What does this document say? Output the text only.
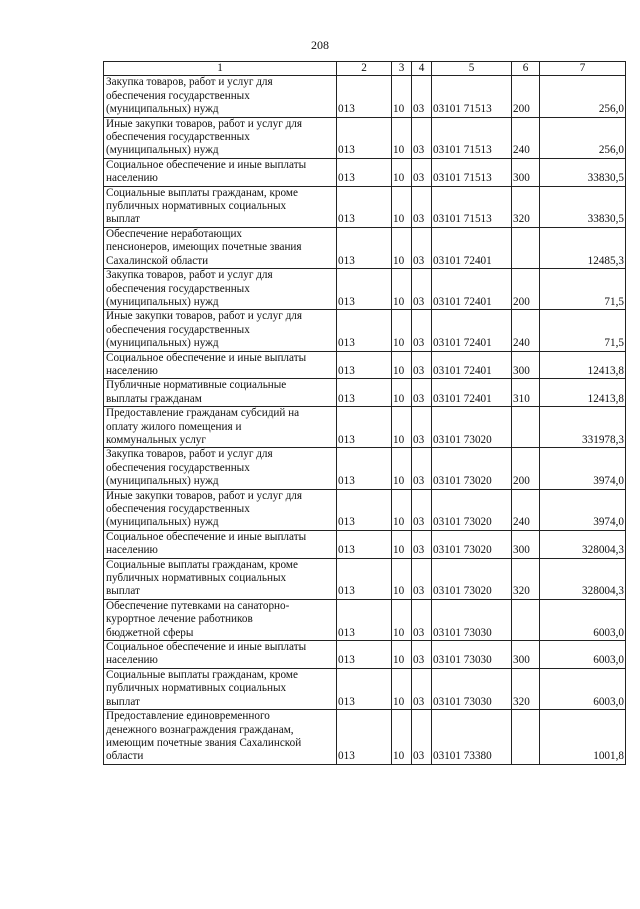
208
1	2	3	4	5	6	7
Закупка товаров, работ и услуг для
обеспечения государственных
(муниципальных) нужд	013	10	03	03101 71513	200	256,0
Иные закупки товаров, работ и услуг для
обеспечения государственных
(муниципальных) нужд	013	10	03	03101 71513	240	256,0
Социальное обеспечение и иные выплаты
населению	013	10	03	03101 71513	300	33830,5
Социальные выплаты гражданам, кроме
публичных нормативных социальных
выплат	013	10	03	03101 71513	320	33830,5
Обеспечение неработающих
пенсионеров, имеющих почетные звания
Сахалинской области	013	10	03	03101 72401		12485,3
Закупка товаров, работ и услуг для
обеспечения государственных
(муниципальных) нужд	013	10	03	03101 72401	200	71,5
Иные закупки товаров, работ и услуг для
обеспечения государственных
(муниципальных) нужд	013	10	03	03101 72401	240	71,5
Социальное обеспечение и иные выплаты
населению	013	10	03	03101 72401	300	12413,8
Публичные нормативные социальные
выплаты гражданам	013	10	03	03101 72401	310	12413,8
Предоставление гражданам субсидий на
оплату жилого помещения и
коммунальных услуг	013	10	03	03101 73020		331978,3
Закупка товаров, работ и услуг для
обеспечения государственных
(муниципальных) нужд	013	10	03	03101 73020	200	3974,0
Иные закупки товаров, работ и услуг для
обеспечения государственных
(муниципальных) нужд	013	10	03	03101 73020	240	3974,0
Социальное обеспечение и иные выплаты
населению	013	10	03	03101 73020	300	328004,3
Социальные выплаты гражданам, кроме
публичных нормативных социальных
выплат	013	10	03	03101 73020	320	328004,3
Обеспечение путевками на санаторно-
курортное лечение работников
бюджетной сферы	013	10	03	03101 73030		6003,0
Социальное обеспечение и иные выплаты
населению	013	10	03	03101 73030	300	6003,0
Социальные выплаты гражданам, кроме
публичных нормативных социальных
выплат	013	10	03	03101 73030	320	6003,0
Предоставление единовременного
денежного вознаграждения гражданам,
имеющим почетные звания Сахалинской
области	013	10	03	03101 73380		1001,8
